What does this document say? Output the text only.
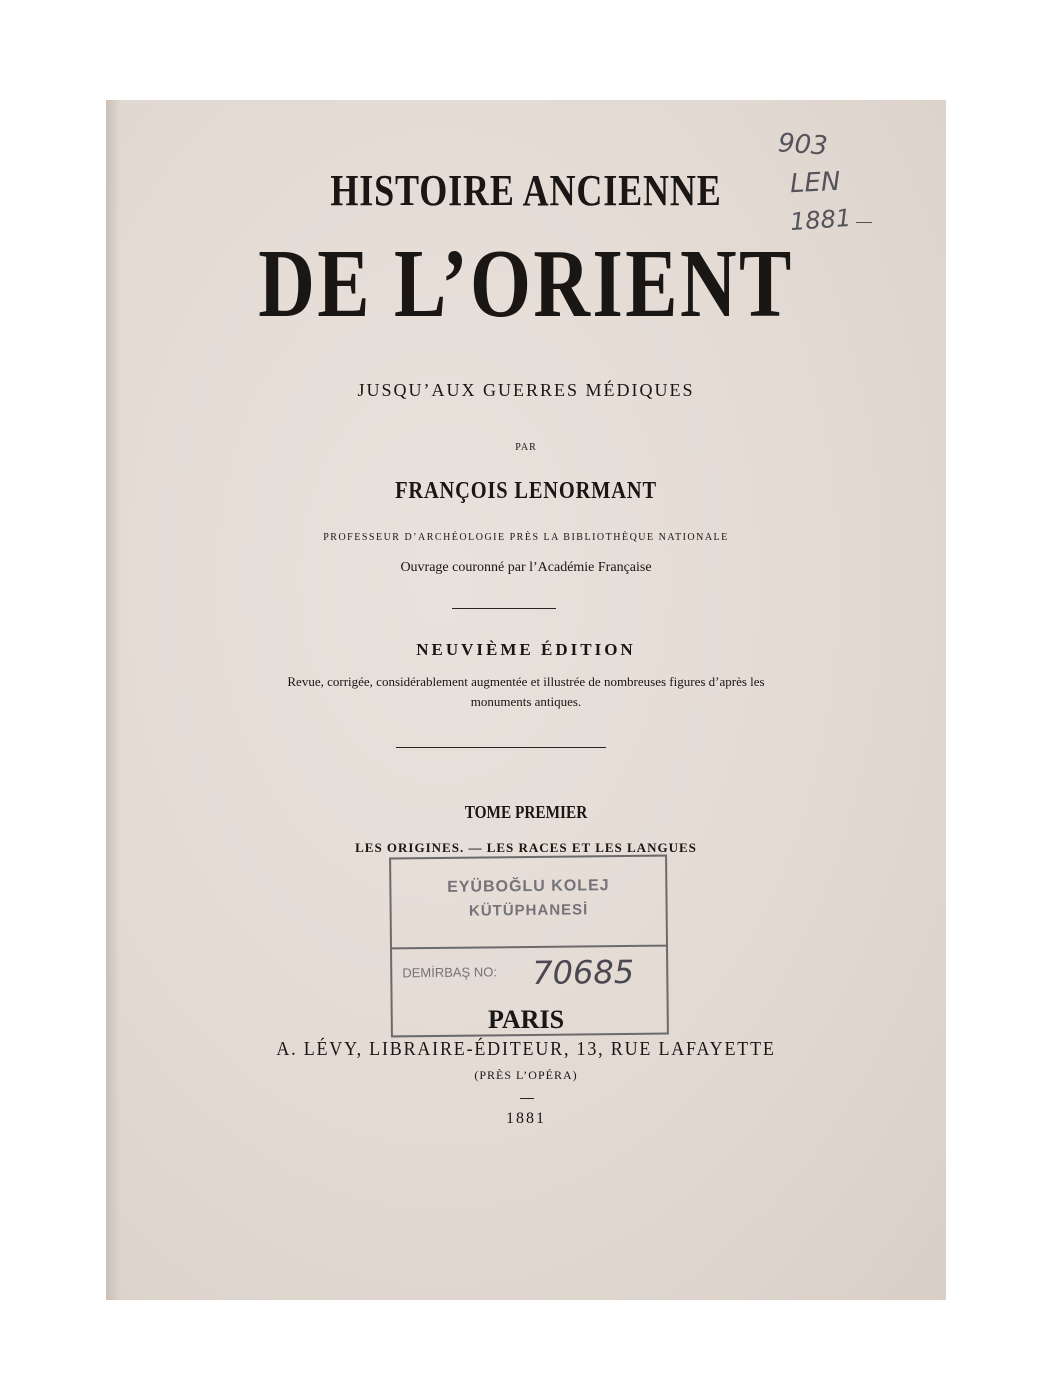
HISTOIRE ANCIENNE
DE L’ORIENT
JUSQU’AUX GUERRES MÉDIQUES
PAR
FRANÇOIS LENORMANT
PROFESSEUR D’ARCHÉOLOGIE PRÈS LA BIBLIOTHÈQUE NATIONALE
Ouvrage couronné par l’Académie Française
NEUVIÈME ÉDITION
Revue, corrigée, considérablement augmentée et illustrée de nombreuses figures d’après les
monuments antiques.
TOME PREMIER
LES ORIGINES. — LES RACES ET LES LANGUES
EYÜBOĞLU KOLEJ
KÜTÜPHANESİ
DEMİRBAŞ NO: 70685
PARIS
A. LÉVY, LIBRAIRE-ÉDITEUR, 13, RUE LAFAYETTE
(PRÈS L’OPÉRA)
1881
903
LEN
1881
